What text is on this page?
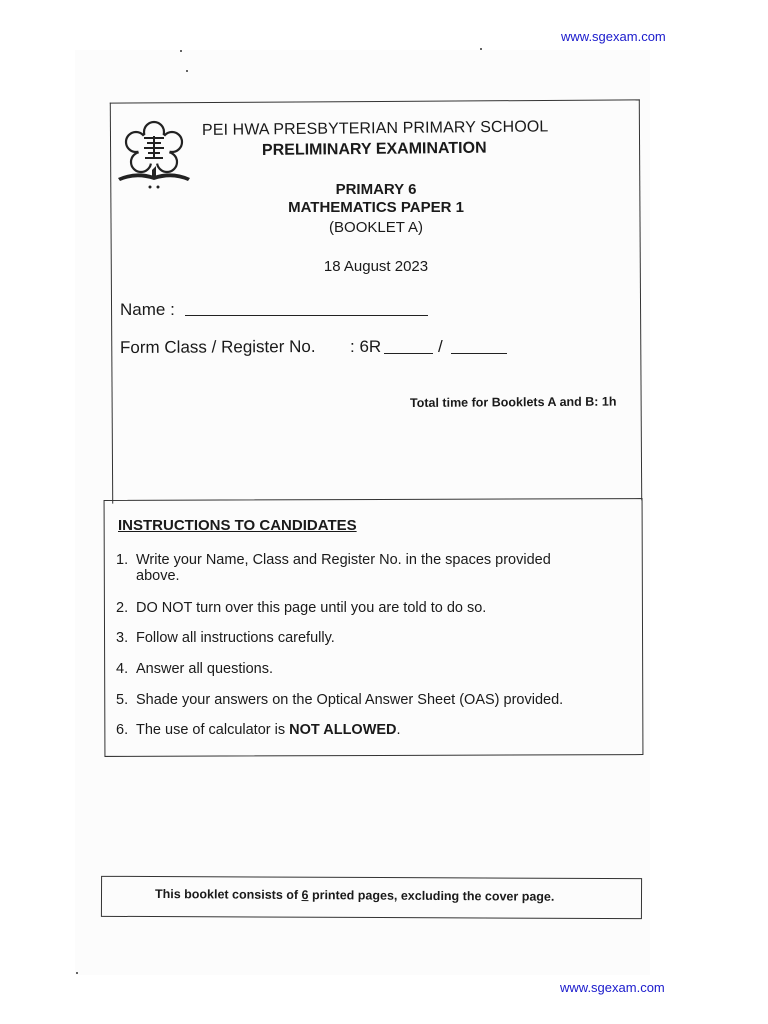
www.sgexam.com
www.sgexam.com
PEI HWA PRESBYTERIAN PRIMARY SCHOOL
PRELIMINARY EXAMINATION
PRIMARY 6
MATHEMATICS PAPER 1
(BOOKLET A)
18 August 2023
Name :
Form Class / Register No. : 6R	/
Total time for Booklets A and B: 1h
INSTRUCTIONS TO CANDIDATES
1. Write your Name, Class and Register No. in the spaces provided
above.
2. DO NOT turn over this page until you are told to do so.
3. Follow all instructions carefully.
4. Answer all questions.
5. Shade your answers on the Optical Answer Sheet (OAS) provided.
6. The use of calculator is NOT ALLOWED.
This booklet consists of 6 printed pages, excluding the cover page.
